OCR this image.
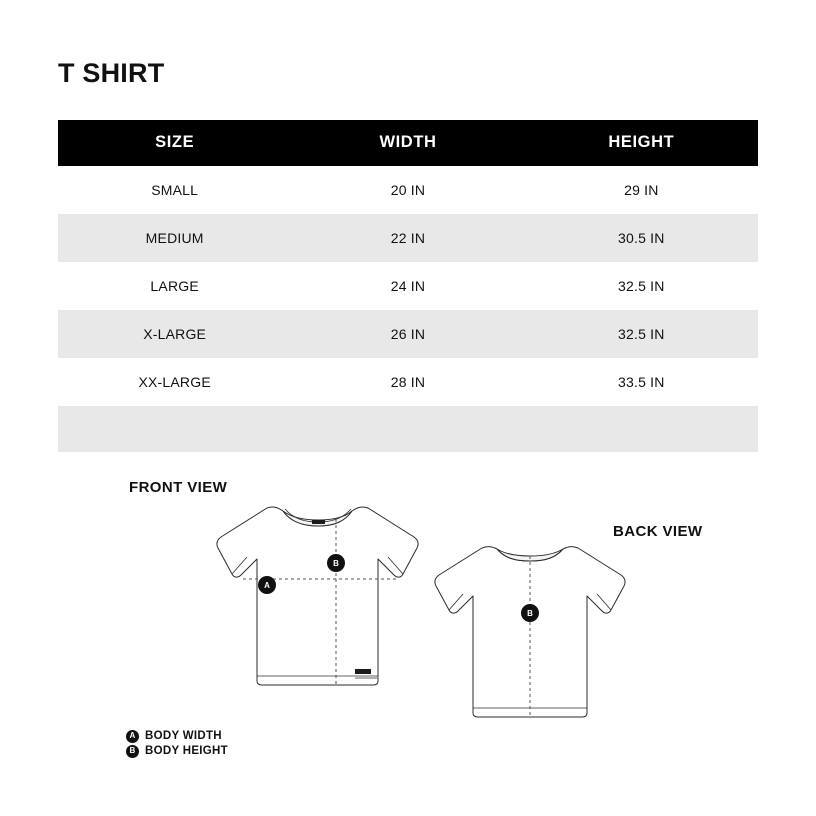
T SHIRT
SIZE	WIDTH	HEIGHT
SMALL	20 IN	29 IN
MEDIUM	22 IN	30.5 IN
LARGE	24 IN	32.5 IN
X-LARGE	26 IN	32.5 IN
XX-LARGE	28 IN	33.5 IN

FRONT VIEW
BACK VIEW
A
B
B
A BODY WIDTH
B BODY HEIGHT
